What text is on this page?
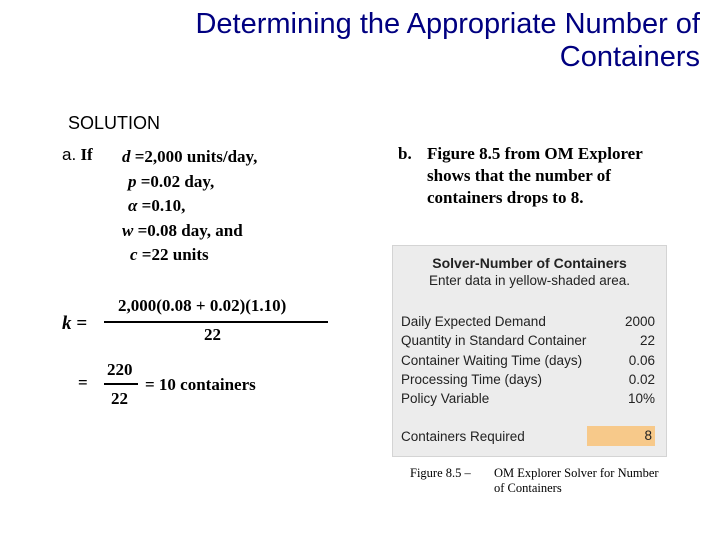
Determining the Appropriate Number of
Containers
SOLUTION
a. If d =2,000 units/day,
p =0.02 day,
α =0.10,
w =0.08 day, and
c =22 units
k =
2,000(0.08 + 0.02)(1.10)
22
=
220
22
= 10 containers
b. Figure 8.5 from OM Explorer shows that the number of containers drops to 8.
Solver-Number of Containers
Enter data in yellow-shaded area.
Daily Expected Demand	2000
Quantity in Standard Container	22
Container Waiting Time (days)	0.06
Processing Time (days)	0.02
Policy Variable	10%
Containers Required	8
Figure 8.5 – OM Explorer Solver for Number of Containers
